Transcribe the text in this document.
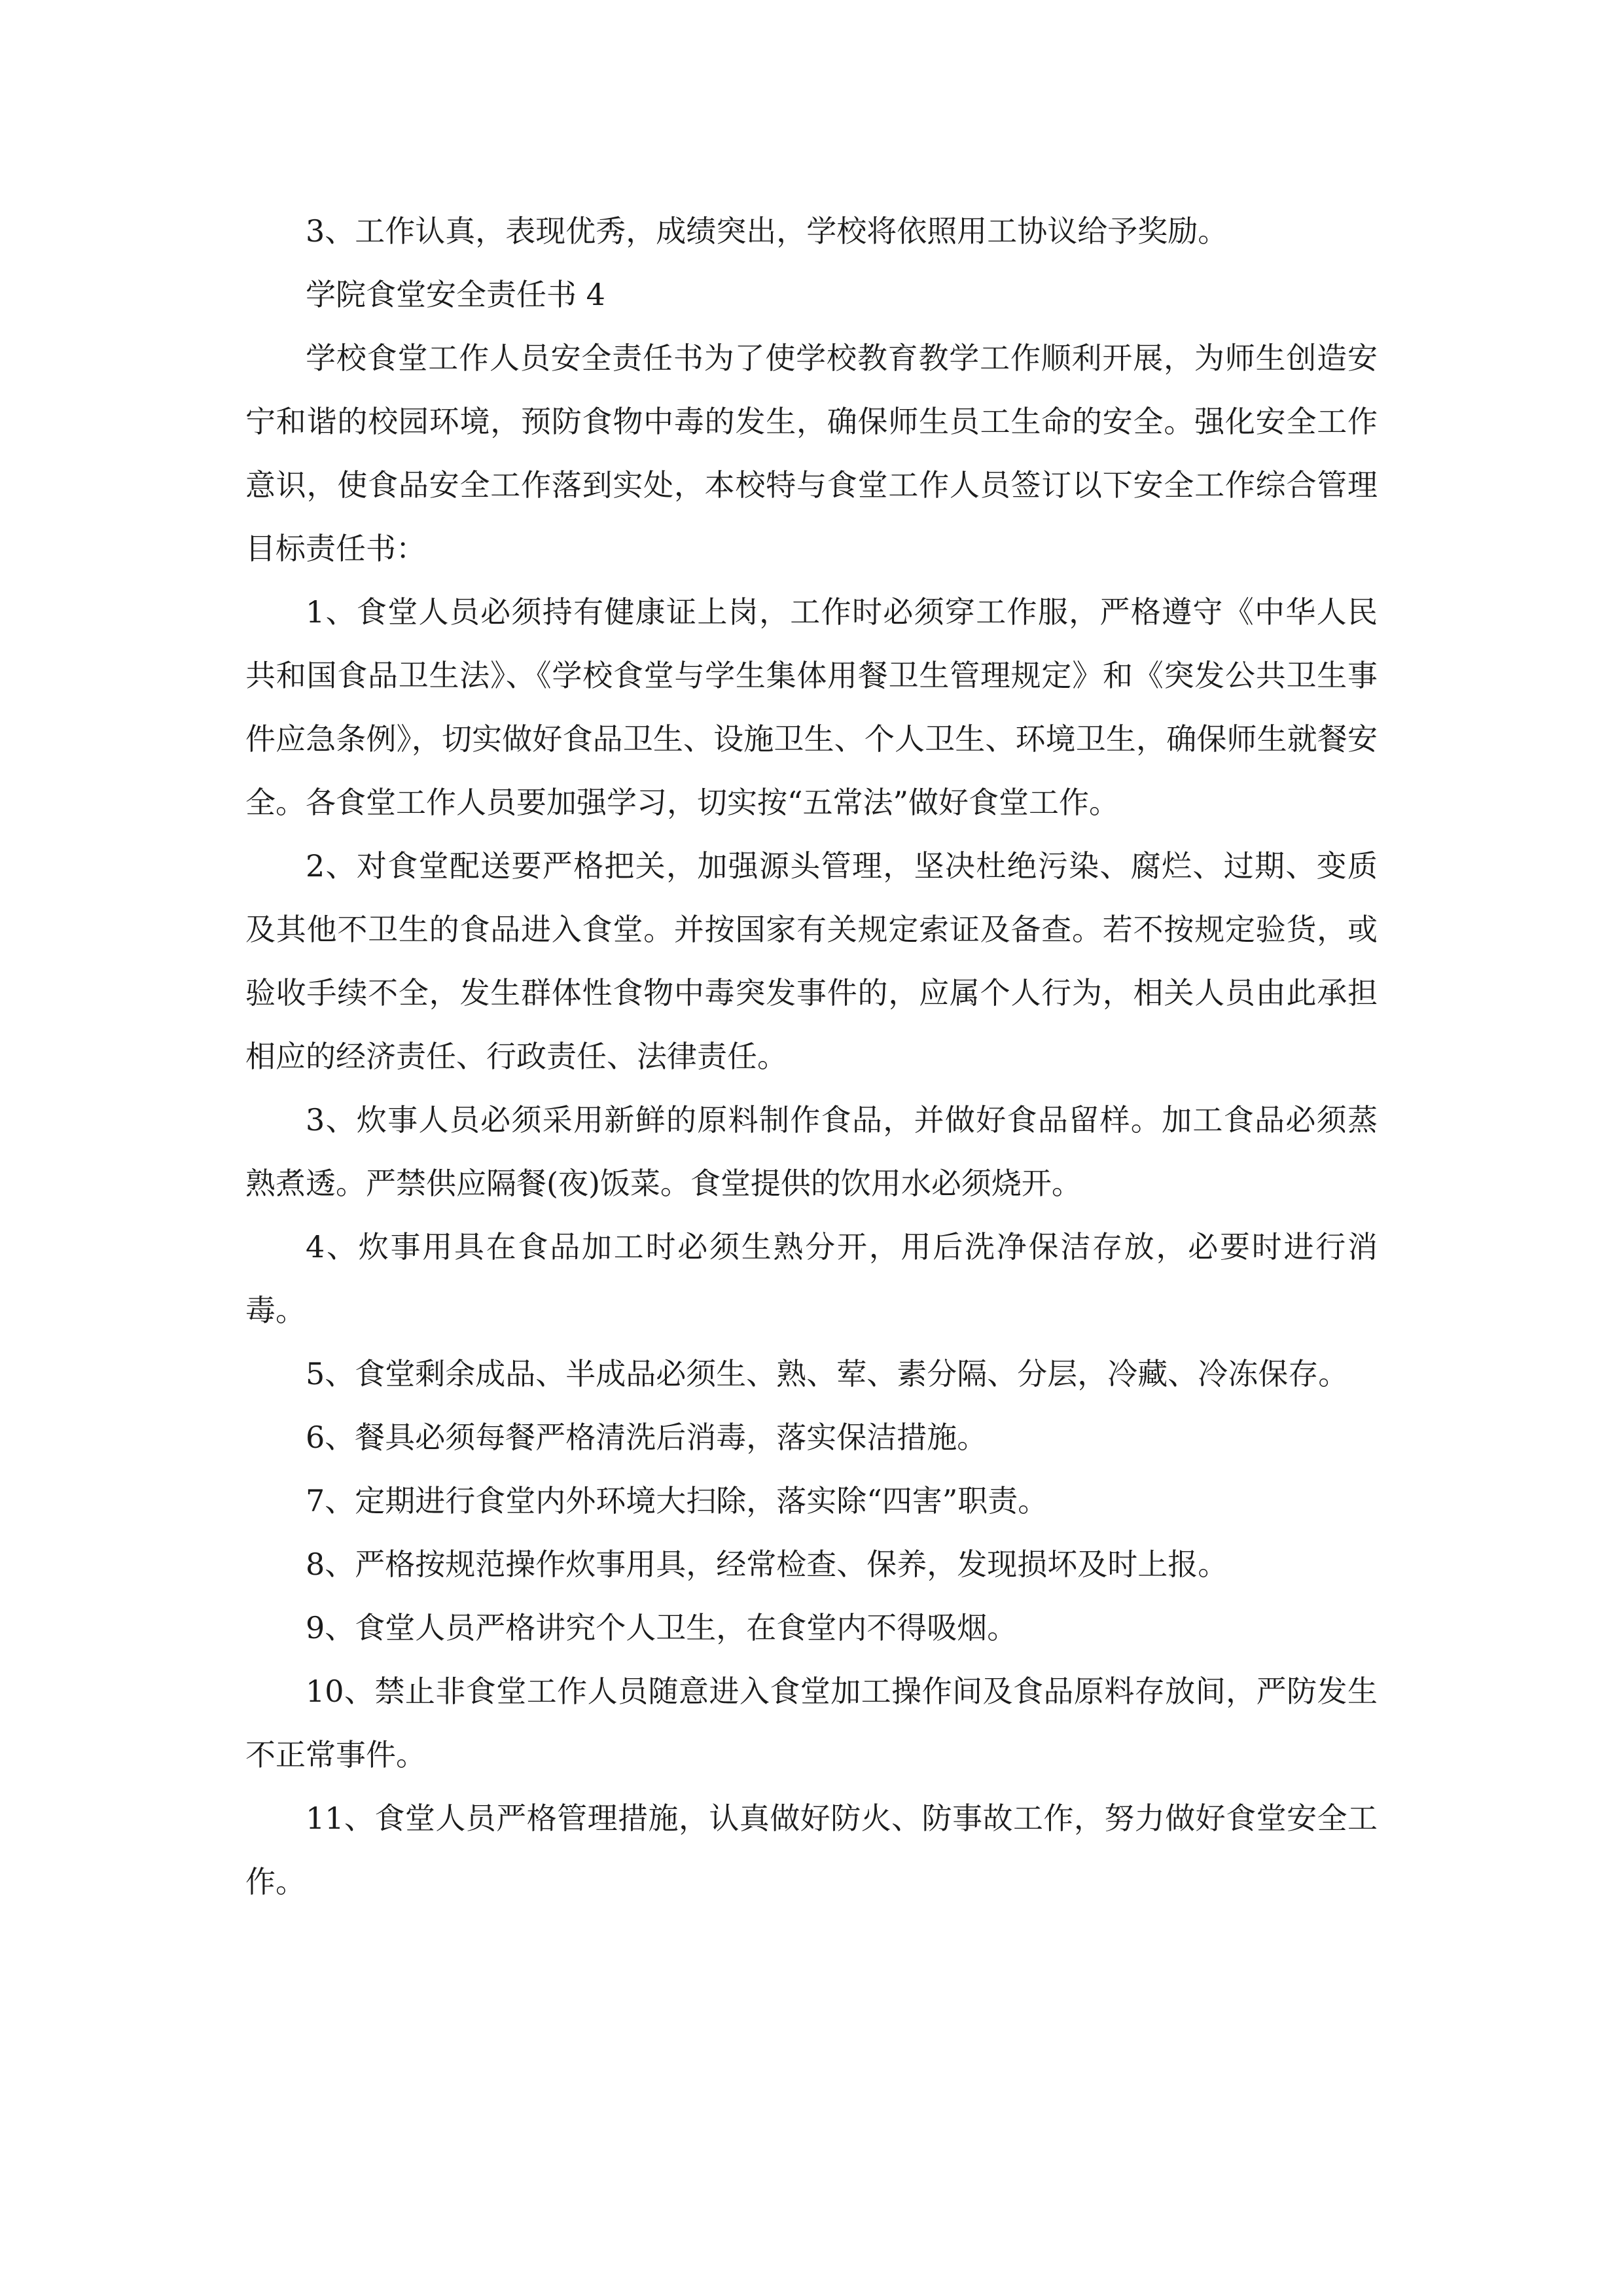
3、工作认真，表现优秀，成绩突出，学校将依照用工协议给予奖励。

学院食堂安全责任书 4

学校食堂工作人员安全责任书为了使学校教育教学工作顺利开展，为师生创造安宁和谐的校园环境，预防食物中毒的发生，确保师生员工生命的安全。强化安全工作意识，使食品安全工作落到实处，本校特与食堂工作人员签订以下安全工作综合管理目标责任书：

1、食堂人员必须持有健康证上岗，工作时必须穿工作服，严格遵守《中华人民共和国食品卫生法》、《学校食堂与学生集体用餐卫生管理规定》和《突发公共卫生事件应急条例》，切实做好食品卫生、设施卫生、个人卫生、环境卫生，确保师生就餐安全。各食堂工作人员要加强学习，切实按“五常法”做好食堂工作。

2、对食堂配送要严格把关，加强源头管理，坚决杜绝污染、腐烂、过期、变质及其他不卫生的食品进入食堂。并按国家有关规定索证及备查。若不按规定验货，或验收手续不全，发生群体性食物中毒突发事件的，应属个人行为，相关人员由此承担相应的经济责任、行政责任、法律责任。

3、炊事人员必须采用新鲜的原料制作食品，并做好食品留样。加工食品必须蒸熟煮透。严禁供应隔餐(夜)饭菜。食堂提供的饮用水必须烧开。

4、炊事用具在食品加工时必须生熟分开，用后洗净保洁存放，必要时进行消毒。

5、食堂剩余成品、半成品必须生、熟、荤、素分隔、分层，冷藏、冷冻保存。

6、餐具必须每餐严格清洗后消毒，落实保洁措施。

7、定期进行食堂内外环境大扫除，落实除“四害”职责。

8、严格按规范操作炊事用具，经常检查、保养，发现损坏及时上报。

9、食堂人员严格讲究个人卫生，在食堂内不得吸烟。

10、禁止非食堂工作人员随意进入食堂加工操作间及食品原料存放间，严防发生不正常事件。

11、食堂人员严格管理措施，认真做好防火、防事故工作，努力做好食堂安全工作。
